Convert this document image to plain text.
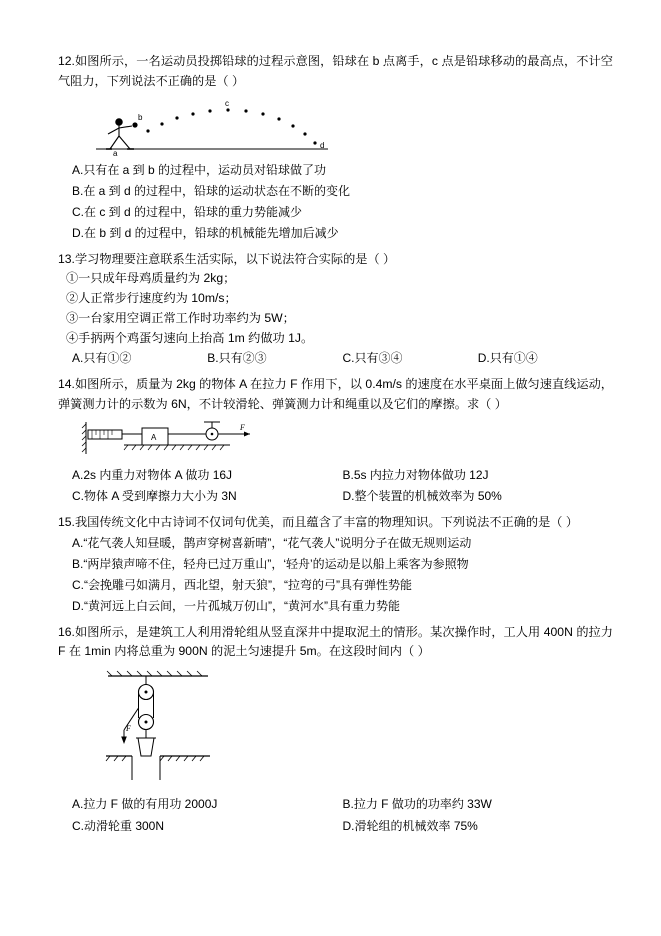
12.如图所示，一名运动员投掷铅球的过程示意图，铅球在 b 点离手，c 点是铅球移动的最高点，不计空气阻力，下列说法不正确的是（ ）
a
b
c
d
A.只有在 a 到 b 的过程中，运动员对铅球做了功
B.在 a 到 d 的过程中，铅球的运动状态在不断的变化
C.在 c 到 d 的过程中，铅球的重力势能减少
D.在 b 到 d 的过程中，铅球的机械能先增加后减少
13.学习物理要注意联系生活实际，以下说法符合实际的是（ ）
①一只成年母鸡质量约为 2kg；
②人正常步行速度约为 10m/s；
③一台家用空调正常工作时功率约为 5W；
④手抦两个鸡蛋匀速向上抬高 1m 约做功 1J。
A.只有①②	B.只有②③	C.只有③④	D.只有①④
14.如图所示，质量为 2kg 的物体 A 在拉力 F 作用下，以 0.4m/s 的速度在水平桌面上做匀速直线运动，弹簧测力计的示数为 6N，不计较滑轮、弹簧测力计和绳重以及它们的摩擦。求（ ）
A
F
A.2s 内重力对物体 A 做功 16J	B.5s 内拉力对物体做功 12J
C.物体 A 受到摩擦力大小为 3N	D.整个装置的机械效率为 50%
15.我国传统文化中古诗词不仅词句优美，而且蕴含了丰富的物理知识。下列说法不正确的是（ ）
A.“花气袭人知昼暖，鹊声穿树喜新晴”，“花气袭人”说明分子在做无规则运动
B.“两岸猿声啼不住，轻舟已过万重山”，‘轻舟’的运动是以船上乘客为参照物
C.“会挽雕弓如满月，西北望，射天狼”，“拉弯的弓”具有弹性势能
D.“黄河远上白云间，一片孤城万仞山”，“黄河水”具有重力势能
16.如图所示，是建筑工人利用滑轮组从竖直深井中提取泥土的情形。某次操作时，工人用 400N 的拉力 F 在 1min 内将总重为 900N 的泥土匀速提升 5m。在这段时间内（ ）
F
A.拉力 F 做的有用功 2000J	B.拉力 F 做功的功率约 33W
C.动滑轮重 300N	D.滑轮组的机械效率 75%
